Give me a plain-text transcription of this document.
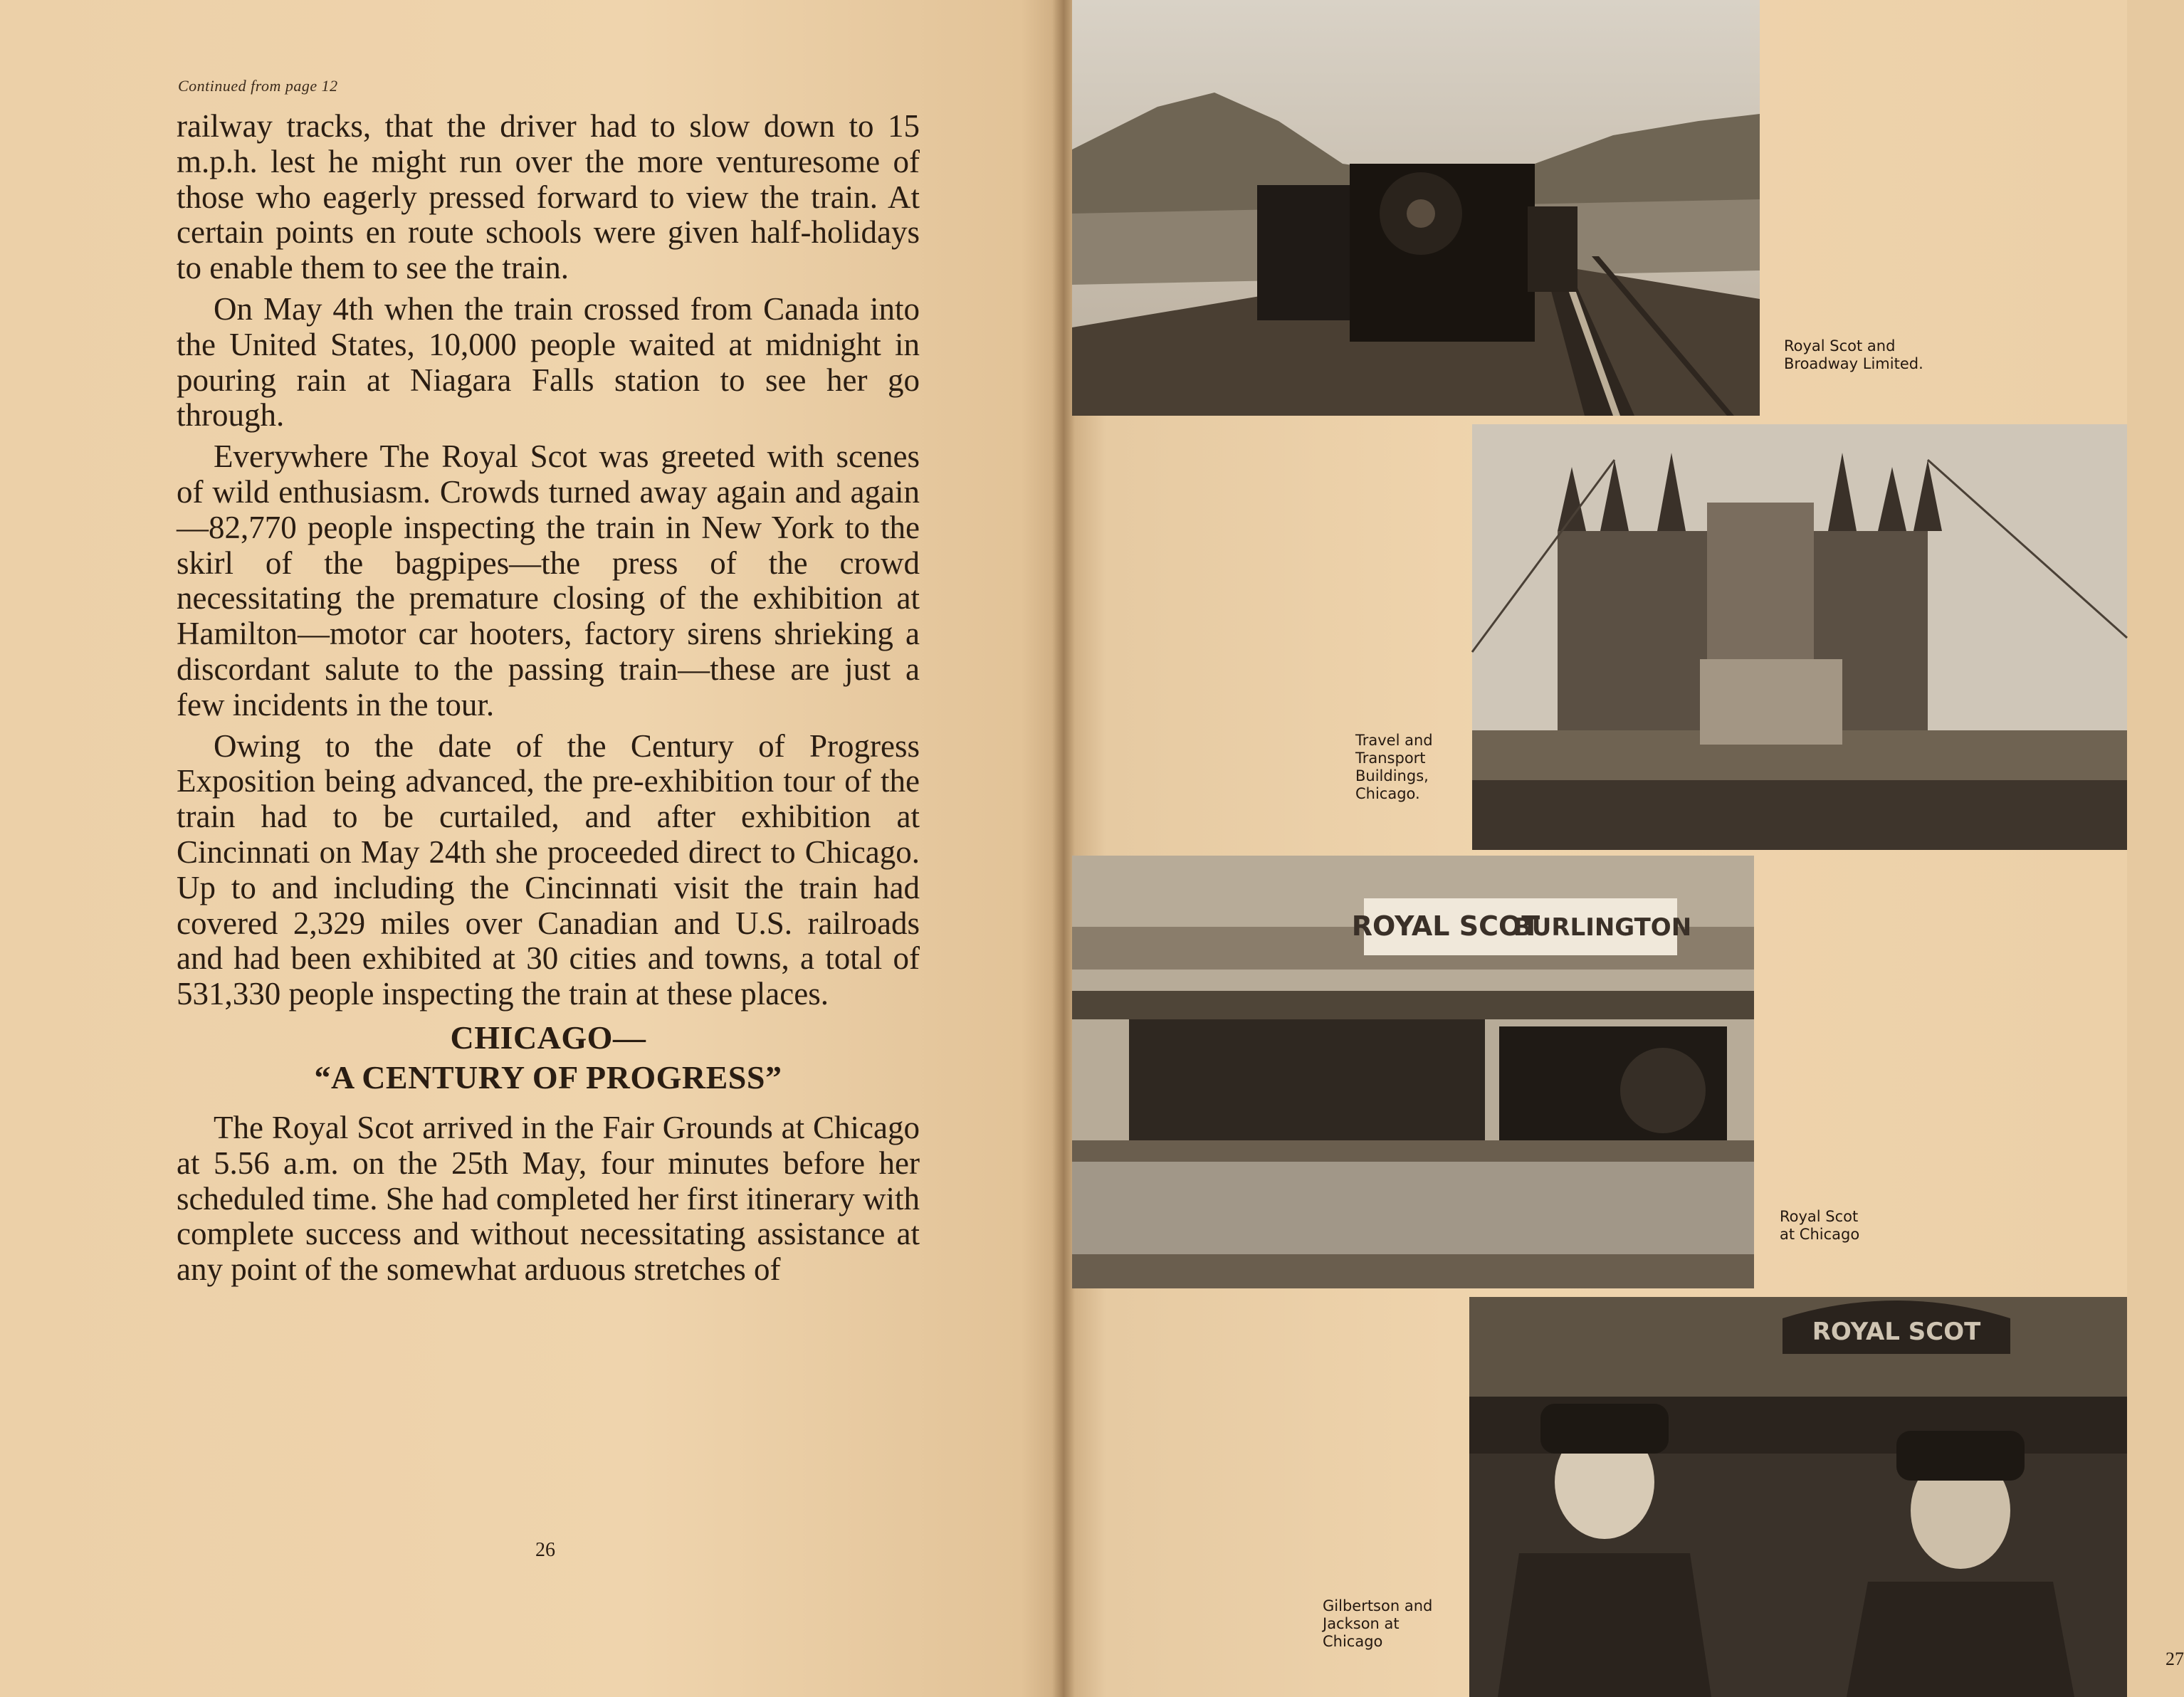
Continued from page 12

railway tracks, that the driver had to slow down to 15 m.p.h. lest he might run over the more venturesome of those who eagerly pressed forward to view the train. At certain points en route schools were given half-holidays to enable them to see the train.

On May 4th when the train crossed from Canada into the United States, 10,000 people waited at midnight in pouring rain at Niagara Falls station to see her go through.

Everywhere The Royal Scot was greeted with scenes of wild enthusiasm. Crowds turned away again and again—82,770 people inspecting the train in New York to the skirl of the bagpipes—the press of the crowd necessitating the premature closing of the exhibition at Hamilton—motor car hooters, factory sirens shrieking a discordant salute to the passing train—these are just a few incidents in the tour.

Owing to the date of the Century of Progress Exposition being advanced, the pre-exhibition tour of the train had to be curtailed, and after exhibition at Cincinnati on May 24th she proceeded direct to Chicago. Up to and including the Cincinnati visit the train had covered 2,329 miles over Canadian and U.S. railroads and had been exhibited at 30 cities and towns, a total of 531,330 people inspecting the train at these places.

CHICAGO—
“A CENTURY OF PROGRESS”

The Royal Scot arrived in the Fair Grounds at Chicago at 5.56 a.m. on the 25th May, four minutes before her scheduled time. She had completed her first itinerary with complete success and without necessitating assistance at any point of the somewhat arduous stretches of

26
27
Royal Scot and
Broadway Limited.
Travel and
Transport
Buildings,
Chicago.
ROYAL SCOT
BURLINGTON
Royal Scot
at Chicago
ROYAL SCOT
Gilbertson and
Jackson at
Chicago
